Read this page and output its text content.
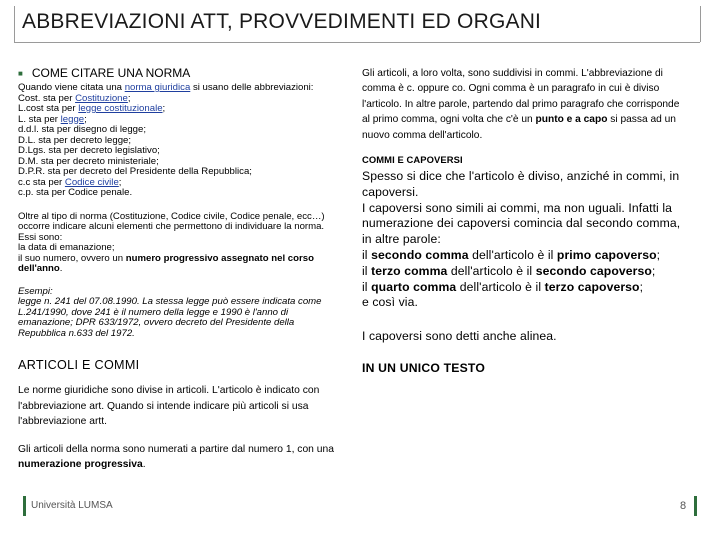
ABBREVIAZIONI ATT, PROVVEDIMENTI ED ORGANI

■ COME CITARE UNA NORMA

Quando viene citata una norma giuridica si usano delle abbreviazioni:

Cost. sta per Costituzione;

L.cost sta per legge costituzionale;

L. sta per legge;

d.d.l. sta per disegno di legge;

D.L. sta per decreto legge;

D.Lgs. sta per decreto legislativo;

D.M. sta per decreto ministeriale;

D.P.R. sta per decreto del Presidente della Repubblica;

c.c sta per Codice civile;

c.p. sta per Codice penale.

Oltre al tipo di norma (Costituzione, Codice civile, Codice penale, ecc…) occorre indicare alcuni elementi che permettono di individuare la norma. Essi sono:

la data di emanazione;

il suo numero, ovvero un numero progressivo assegnato nel corso dell'anno.

Esempi:

legge n. 241 del 07.08.1990. La stessa legge può essere indicata come L.241/1990, dove 241 è il numero della legge e 1990 è l'anno di emanazione; DPR 633/1972, ovvero decreto del Presidente della Repubblica n.633 del 1972.

ARTICOLI E COMMI

Le norme giuridiche sono divise in articoli. L'articolo è indicato con l'abbreviazione art. Quando si intende indicare più articoli si usa l'abbreviazione artt.

Gli articoli della norma sono numerati a partire dal numero 1, con una numerazione progressiva.

Gli articoli, a loro volta, sono suddivisi in commi. L'abbreviazione di comma è c. oppure co. Ogni comma è un paragrafo in cui è diviso l'articolo. In altre parole, partendo dal primo paragrafo che corrisponde al primo comma, ogni volta che c'è un punto e a capo si passa ad un nuovo comma dell'articolo.

COMMI E CAPOVERSI

Spesso si dice che l'articolo è diviso, anziché in commi, in capoversi.

I capoversi sono simili ai commi, ma non uguali. Infatti la numerazione dei capoversi comincia dal secondo comma, in altre parole:

il secondo comma dell'articolo è il primo capoverso;

il terzo comma dell'articolo è il secondo capoverso;

il quarto comma dell'articolo è il terzo capoverso;

e così via.

I capoversi sono detti anche alinea.

IN UN UNICO TESTO

Università LUMSA	8
